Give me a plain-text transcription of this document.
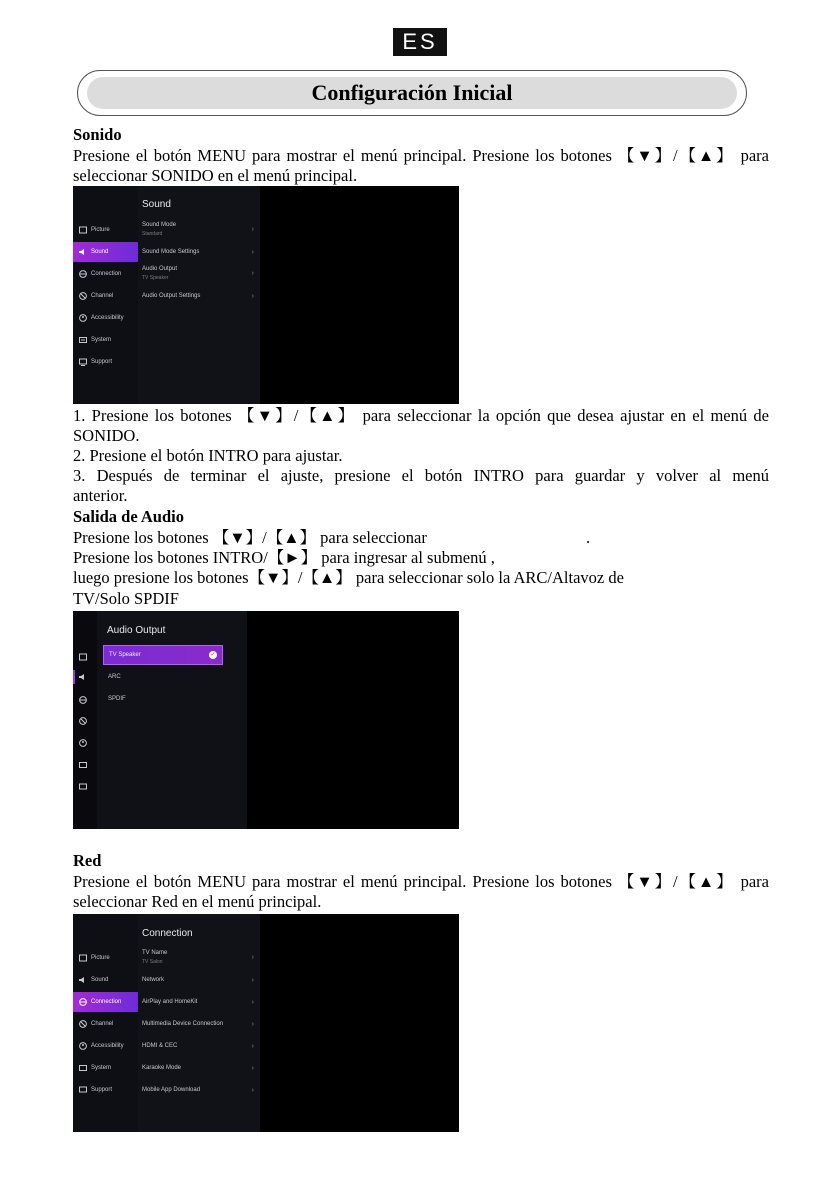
ES
Configuración Inicial

Sonido

Presione el botón MENU para mostrar el menú principal. Presione los botones 【▼】/【▲】 para

seleccionar SONIDO en el menú principal.

Picture
Sound
Connection
Channel
Accessibility
System
Support
Sound
Sound Mode
Standard
›
Sound Mode Settings	›
Audio Output
TV Speaker
›
Audio Output Settings	›

1. Presione los botones 【▼】/【▲】 para seleccionar la opción que desea ajustar en el menú de

SONIDO.

2. Presione el botón INTRO para ajustar.

3. Después de terminar el ajuste, presione el botón INTRO para guardar y volver al menú

anterior.

Salida de Audio

Presione los botones 【▼】/【▲】 para seleccionar	.

Presione los botones INTRO/【►】 para ingresar al submenú ,

luego presione los botones【▼】/【▲】 para seleccionar solo la ARC/Altavoz de

TV/Solo SPDIF

Audio Output
TV Speaker	✓
ARC
SPDIF

Red

Presione el botón MENU para mostrar el menú principal. Presione los botones 【▼】/【▲】 para

seleccionar Red en el menú principal.

Picture
Sound
Connection
Channel
Accessibility
System
Support
Connection
TV Name
TV Salon
›
Network	›
AirPlay and HomeKit	›
Multimedia Device Connection	›
HDMI & CEC	›
Karaoke Mode	›
Mobile App Download	›
